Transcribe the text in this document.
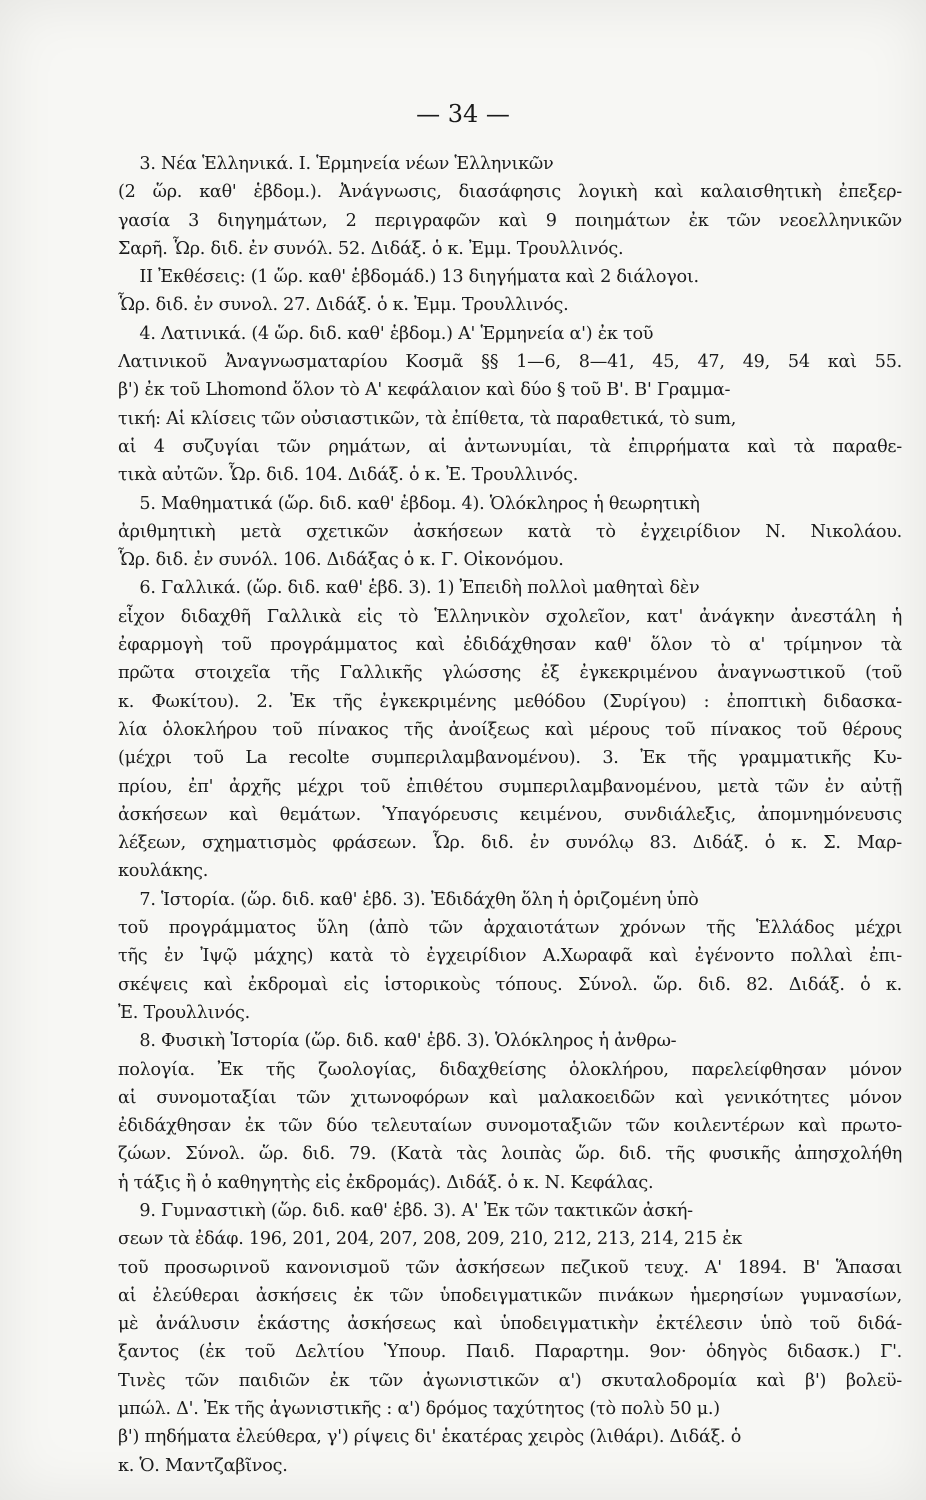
— 34 —
3. Νέα Ἑλληνικά. I. Ἑρμηνεία νέων Ἑλληνικῶν
(2 ὥρ. καθ' ἑβδομ.). Ἀνάγνωσις, διασάφησις λογικὴ καὶ καλαισθητικὴ ἐπεξερ-
γασία 3 διηγημάτων, 2 περιγραφῶν καὶ 9 ποιημάτων ἐκ τῶν νεοελληνικῶν
Σαρῆ. Ὧρ. διδ. ἐν συνόλ. 52. Διδάξ. ὁ κ. Ἐμμ. Τρουλλινός.
II Ἐκθέσεις: (1 ὥρ. καθ' ἑβδομάδ.) 13 διηγήματα καὶ 2 διάλογοι.
Ὧρ. διδ. ἐν συνολ. 27. Διδάξ. ὁ κ. Ἐμμ. Τρουλλινός.
4. Λατινικά. (4 ὥρ. διδ. καθ' ἑβδομ.) Α' Ἑρμηνεία α') ἐκ τοῦ
Λατινικοῦ Ἀναγνωσματαρίου Κοσμᾶ §§ 1—6, 8—41, 45, 47, 49, 54 καὶ 55.
β') ἐκ τοῦ Lhomond ὅλον τὸ Α' κεφάλαιον καὶ δύο § τοῦ Β'. Β' Γραμμα-
τική: Αἱ κλίσεις τῶν οὐσιαστικῶν, τὰ ἐπίθετα, τὰ παραθετικά, τὸ sum,
αἱ 4 συζυγίαι τῶν ρημάτων, αἱ ἀντωνυμίαι, τὰ ἐπιρρήματα καὶ τὰ παραθε-
τικὰ αὐτῶν. Ὧρ. διδ. 104. Διδάξ. ὁ κ. Ἐ. Τρουλλινός.
5. Μαθηματικά (ὥρ. διδ. καθ' ἑβδομ. 4). Ὁλόκληρος ἡ θεωρητικὴ
ἀριθμητικὴ μετὰ σχετικῶν ἀσκήσεων κατὰ τὸ ἐγχειρίδιον Ν. Νικολάου.
Ὧρ. διδ. ἐν συνόλ. 106. Διδάξας ὁ κ. Γ. Οἰκονόμου.
6. Γαλλικά. (ὥρ. διδ. καθ' ἑβδ. 3). 1) Ἐπειδὴ πολλοὶ μαθηταὶ δὲν
εἶχον διδαχθῆ Γαλλικὰ εἰς τὸ Ἑλληνικὸν σχολεῖον, κατ' ἀνάγκην ἀνεστάλη ἡ
ἐφαρμογὴ τοῦ προγράμματος καὶ ἐδιδάχθησαν καθ' ὅλον τὸ α' τρίμηνον τὰ
πρῶτα στοιχεῖα τῆς Γαλλικῆς γλώσσης ἐξ ἐγκεκριμένου ἀναγνωστικοῦ (τοῦ
κ. Φωκίτου). 2. Ἐκ τῆς ἐγκεκριμένης μεθόδου (Συρίγου) : ἐποπτικὴ διδασκα-
λία ὁλοκλήρου τοῦ πίνακος τῆς ἀνοίξεως καὶ μέρους τοῦ πίνακος τοῦ θέρους
(μέχρι τοῦ La recolte συμπεριλαμβανομένου). 3. Ἐκ τῆς γραμματικῆς Κυ-
πρίου, ἐπ' ἀρχῆς μέχρι τοῦ ἐπιθέτου συμπεριλαμβανομένου, μετὰ τῶν ἐν αὐτῇ
ἀσκήσεων καὶ θεμάτων. Ὑπαγόρευσις κειμένου, συνδιάλεξις, ἀπομνημόνευσις
λέξεων, σχηματισμὸς φράσεων. Ὧρ. διδ. ἐν συνόλῳ 83. Διδάξ. ὁ κ. Σ. Μαρ-
κουλάκης.
7. Ἱστορία. (ὥρ. διδ. καθ' ἑβδ. 3). Ἐδιδάχθη ὅλη ἡ ὁριζομένη ὑπὸ
τοῦ προγράμματος ὕλη (ἀπὸ τῶν ἀρχαιοτάτων χρόνων τῆς Ἑλλάδος μέχρι
τῆς ἐν Ἰψῷ μάχης) κατὰ τὸ ἐγχειρίδιον Α.Χωραφᾶ καὶ ἐγένοντο πολλαὶ ἐπι-
σκέψεις καὶ ἐκδρομαὶ εἰς ἱστορικοὺς τόπους. Σύνολ. ὥρ. διδ. 82. Διδάξ. ὁ κ.
Ἐ. Τρουλλινός.
8. Φυσικὴ Ἱστορία (ὥρ. διδ. καθ' ἑβδ. 3). Ὁλόκληρος ἡ ἀνθρω-
πολογία. Ἐκ τῆς ζωολογίας, διδαχθείσης ὁλοκλήρου, παρελείφθησαν μόνον
αἱ συνομοταξίαι τῶν χιτωνοφόρων καὶ μαλακοειδῶν καὶ γενικότητες μόνον
ἐδιδάχθησαν ἐκ τῶν δύο τελευταίων συνομοταξιῶν τῶν κοιλεντέρων καὶ πρωτο-
ζώων. Σύνολ. ὥρ. διδ. 79. (Κατὰ τὰς λοιπὰς ὥρ. διδ. τῆς φυσικῆς ἀπησχολήθη
ἡ τάξις ἢ ὁ καθηγητὴς εἰς ἐκδρομάς). Διδάξ. ὁ κ. Ν. Κεφάλας.
9. Γυμναστικὴ (ὥρ. διδ. καθ' ἑβδ. 3). Α' Ἐκ τῶν τακτικῶν ἀσκή-
σεων τὰ ἐδάφ. 196, 201, 204, 207, 208, 209, 210, 212, 213, 214, 215 ἐκ
τοῦ προσωρινοῦ κανονισμοῦ τῶν ἀσκήσεων πεζικοῦ τευχ. Α' 1894. Β' Ἅπασαι
αἱ ἐλεύθεραι ἀσκήσεις ἐκ τῶν ὑποδειγματικῶν πινάκων ἡμερησίων γυμνασίων,
μὲ ἀνάλυσιν ἑκάστης ἀσκήσεως καὶ ὑποδειγματικὴν ἐκτέλεσιν ὑπὸ τοῦ διδά-
ξαντος (ἐκ τοῦ Δελτίου Ὑπουρ. Παιδ. Παραρτημ. 9ον· ὁδηγὸς διδασκ.) Γ'.
Τινὲς τῶν παιδιῶν ἐκ τῶν ἀγωνιστικῶν α') σκυταλοδρομία καὶ β') βολεϋ-
μπώλ. Δ'. Ἐκ τῆς ἀγωνιστικῆς : α') δρόμος ταχύτητος (τὸ πολὺ 50 μ.)
β') πηδήματα ἐλεύθερα, γ') ρίψεις δι' ἑκατέρας χειρὸς (λιθάρι). Διδάξ. ὁ
κ. Ὁ. Μαντζαβῖνος.
